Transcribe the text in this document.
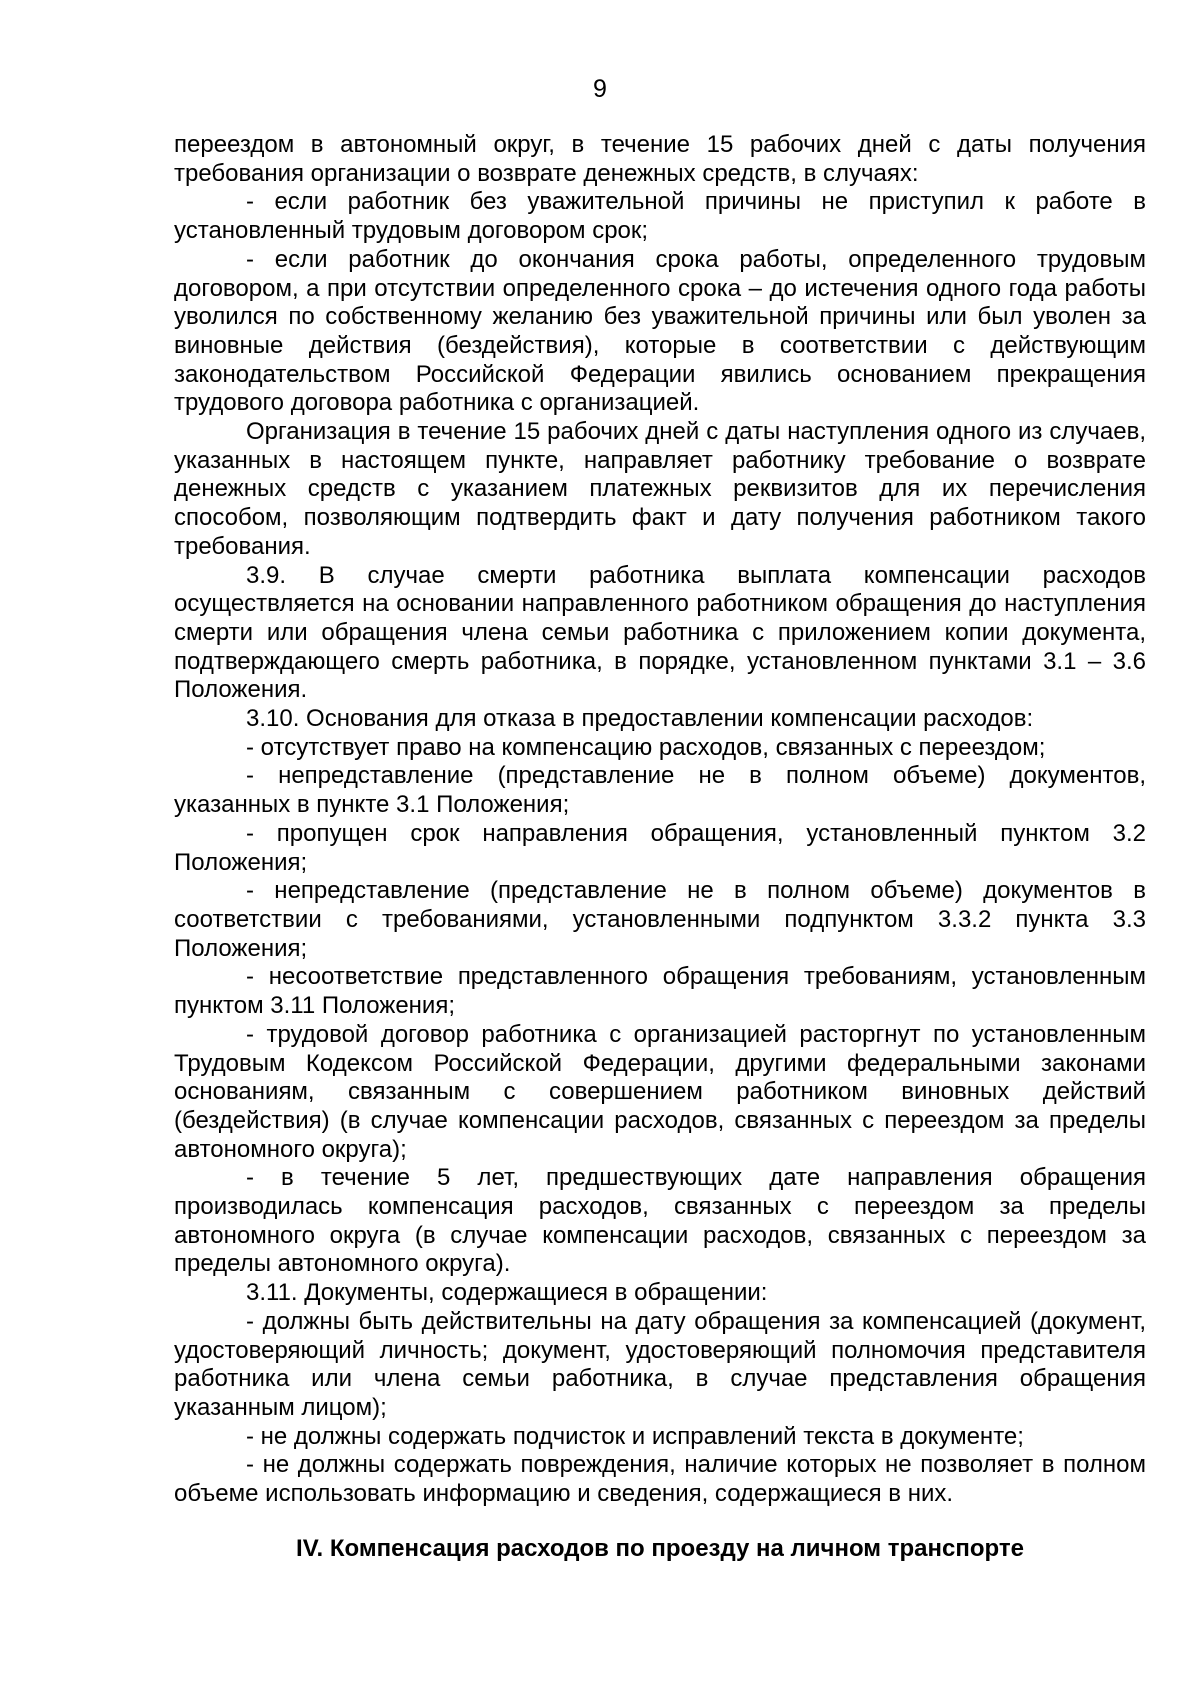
9

переездом в автономный округ, в течение 15 рабочих дней с даты получения требования организации о возврате денежных средств, в случаях:

- если работник без уважительной причины не приступил к работе в установленный трудовым договором срок;

- если работник до окончания срока работы, определенного трудовым договором, а при отсутствии определенного срока – до истечения одного года работы уволился по собственному желанию без уважительной причины или был уволен за виновные действия (бездействия), которые в соответствии с действующим законодательством Российской Федерации явились основанием прекращения трудового договора работника с организацией.

Организация в течение 15 рабочих дней с даты наступления одного из случаев, указанных в настоящем пункте, направляет работнику требование о возврате денежных средств с указанием платежных реквизитов для их перечисления способом, позволяющим подтвердить факт и дату получения работником такого требования.

3.9. В случае смерти работника выплата компенсации расходов осуществляется на основании направленного работником обращения до наступления смерти или обращения члена семьи работника с приложением копии документа, подтверждающего смерть работника, в порядке, установленном пунктами 3.1 – 3.6 Положения.

3.10. Основания для отказа в предоставлении компенсации расходов:

- отсутствует право на компенсацию расходов, связанных с переездом;

- непредставление (представление не в полном объеме) документов, указанных в пункте 3.1 Положения;

- пропущен срок направления обращения, установленный пунктом 3.2 Положения;

- непредставление (представление не в полном объеме) документов в соответствии с требованиями, установленными подпунктом 3.3.2 пункта 3.3 Положения;

- несоответствие представленного обращения требованиям, установленным пунктом 3.11 Положения;

- трудовой договор работника с организацией расторгнут по установленным Трудовым Кодексом Российской Федерации, другими федеральными законами основаниям, связанным с совершением работником виновных действий (бездействия) (в случае компенсации расходов, связанных с переездом за пределы автономного округа);

- в течение 5 лет, предшествующих дате направления обращения производилась компенсация расходов, связанных с переездом за пределы автономного округа (в случае компенсации расходов, связанных с переездом за пределы автономного округа).

3.11. Документы, содержащиеся в обращении:

- должны быть действительны на дату обращения за компенсацией (документ, удостоверяющий личность; документ, удостоверяющий полномочия представителя работника или члена семьи работника, в случае представления обращения указанным лицом);

- не должны содержать подчисток и исправлений текста в документе;

- не должны содержать повреждения, наличие которых не позволяет в полном объеме использовать информацию и сведения, содержащиеся в них.

IV. Компенсация расходов по проезду на личном транспорте
